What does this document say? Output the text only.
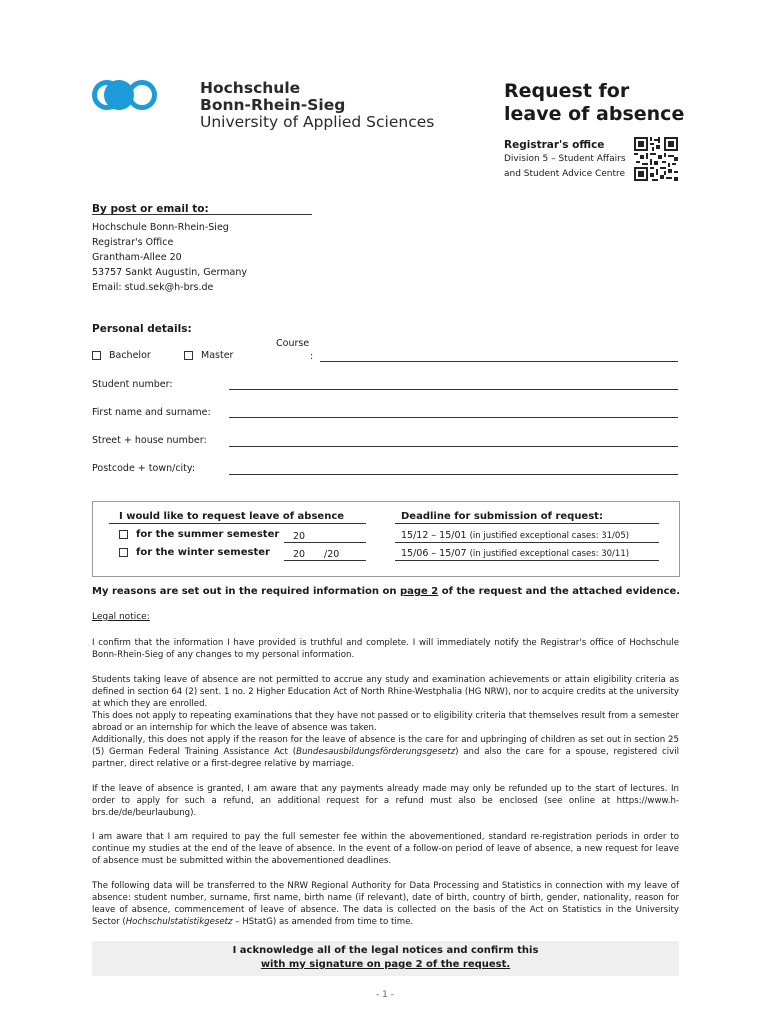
Hochschule
Bonn-Rhein-Sieg
University of Applied Sciences
Request for
leave of absence
Registrar's office
Division 5 – Student Affairs
and Student Advice Centre
By post or email to:
Hochschule Bonn-Rhein-Sieg
Registrar's Office
Grantham-Allee 20
53757 Sankt Augustin, Germany
Email: stud.sek@h-brs.de
Personal details:
Bachelor	Master
Course
:
Student number:
First name and surname:
Street + house number:
Postcode + town/city:
I would like to request leave of absence	Deadline for submission of request:
for the summer semester 20	15/12 – 15/01 (in justified exceptional cases: 31/05)
for the winter semester 20 /20	15/06 – 15/07 (in justified exceptional cases: 30/11)
My reasons are set out in the required information on page 2 of the request and the attached evidence.
Legal notice:
I confirm that the information I have provided is truthful and complete. I will immediately notify the Registrar's office of Hochschule Bonn-Rhein-Sieg of any changes to my personal information.
Students taking leave of absence are not permitted to accrue any study and examination achievements or attain eligibility criteria as defined in section 64 (2) sent. 1 no. 2 Higher Education Act of North Rhine-Westphalia (HG NRW), nor to acquire credits at the university at which they are enrolled.
This does not apply to repeating examinations that they have not passed or to eligibility criteria that themselves result from a semester abroad or an internship for which the leave of absence was taken.
Additionally, this does not apply if the reason for the leave of absence is the care for and upbringing of children as set out in section 25 (5) German Federal Training Assistance Act (Bundesausbildungsförderungsgesetz) and also the care for a spouse, registered civil partner, direct relative or a first-degree relative by marriage.
If the leave of absence is granted, I am aware that any payments already made may only be refunded up to the start of lectures. In order to apply for such a refund, an additional request for a refund must also be enclosed (see online at https://www.h-brs.de/de/beurlaubung).
I am aware that I am required to pay the full semester fee within the abovementioned, standard re-registration periods in order to continue my studies at the end of the leave of absence. In the event of a follow-on period of leave of absence, a new request for leave of absence must be submitted within the abovementioned deadlines.
The following data will be transferred to the NRW Regional Authority for Data Processing and Statistics in connection with my leave of absence: student number, surname, first name, birth name (if relevant), date of birth, country of birth, gender, nationality, reason for leave of absence, commencement of leave of absence. The data is collected on the basis of the Act on Statistics in the University Sector (Hochschulstatistikgesetz – HStatG) as amended from time to time.
I acknowledge all of the legal notices and confirm this
with my signature on page 2 of the request.
- 1 -
